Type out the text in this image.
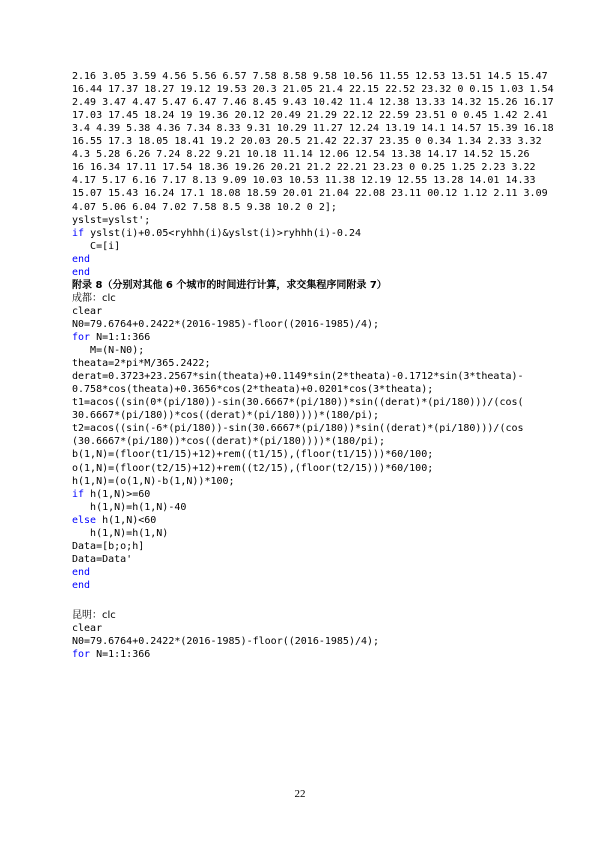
2.16 3.05 3.59 4.56 5.56 6.57 7.58 8.58 9.58 10.56 11.55 12.53 13.51 14.5 15.47
16.44 17.37 18.27 19.12 19.53 20.3 21.05 21.4 22.15 22.52 23.32 0 0.15 1.03 1.54
2.49 3.47 4.47 5.47 6.47 7.46 8.45 9.43 10.42 11.4 12.38 13.33 14.32 15.26 16.17
17.03 17.45 18.24 19 19.36 20.12 20.49 21.29 22.12 22.59 23.51 0 0.45 1.42 2.41
3.4 4.39 5.38 4.36 7.34 8.33 9.31 10.29 11.27 12.24 13.19 14.1 14.57 15.39 16.18
16.55 17.3 18.05 18.41 19.2 20.03 20.5 21.42 22.37 23.35 0 0.34 1.34 2.33 3.32
4.3 5.28 6.26 7.24 8.22 9.21 10.18 11.14 12.06 12.54 13.38 14.17 14.52 15.26
16 16.34 17.11 17.54 18.36 19.26 20.21 21.2 22.21 23.23 0 0.25 1.25 2.23 3.22
4.17 5.17 6.16 7.17 8.13 9.09 10.03 10.53 11.38 12.19 12.55 13.28 14.01 14.33
15.07 15.43 16.24 17.1 18.08 18.59 20.01 21.04 22.08 23.11 00.12 1.12 2.11 3.09
4.07 5.06 6.04 7.02 7.58 8.5 9.38 10.2 0 2];
yslst=yslst';
if yslst(i)+0.05<ryhhh(i)&yslst(i)>ryhhh(i)-0.24
C=[i]
end
end
附录 8（分别对其他 6 个城市的时间进行计算，求交集程序同附录 7）
成都：clc
clear
N0=79.6764+0.2422*(2016-1985)-floor((2016-1985)/4);
for N=1:1:366
M=(N-N0);
theata=2*pi*M/365.2422;
derat=0.3723+23.2567*sin(theata)+0.1149*sin(2*theata)-0.1712*sin(3*theata)-
0.758*cos(theata)+0.3656*cos(2*theata)+0.0201*cos(3*theata);
t1=acos((sin(0*(pi/180))-sin(30.6667*(pi/180))*sin((derat)*(pi/180)))/(cos(
30.6667*(pi/180))*cos((derat)*(pi/180))))*(180/pi);
t2=acos((sin(-6*(pi/180))-sin(30.6667*(pi/180))*sin((derat)*(pi/180)))/(cos
(30.6667*(pi/180))*cos((derat)*(pi/180))))*(180/pi);
b(1,N)=(floor(t1/15)+12)+rem((t1/15),(floor(t1/15)))*60/100;
o(1,N)=(floor(t2/15)+12)+rem((t2/15),(floor(t2/15)))*60/100;
h(1,N)=(o(1,N)-b(1,N))*100;
if h(1,N)>=60
h(1,N)=h(1,N)-40
else h(1,N)<60
h(1,N)=h(1,N)
Data=[b;o;h]
Data=Data'
end
end
昆明：clc
clear
N0=79.6764+0.2422*(2016-1985)-floor((2016-1985)/4);
for N=1:1:366
22
